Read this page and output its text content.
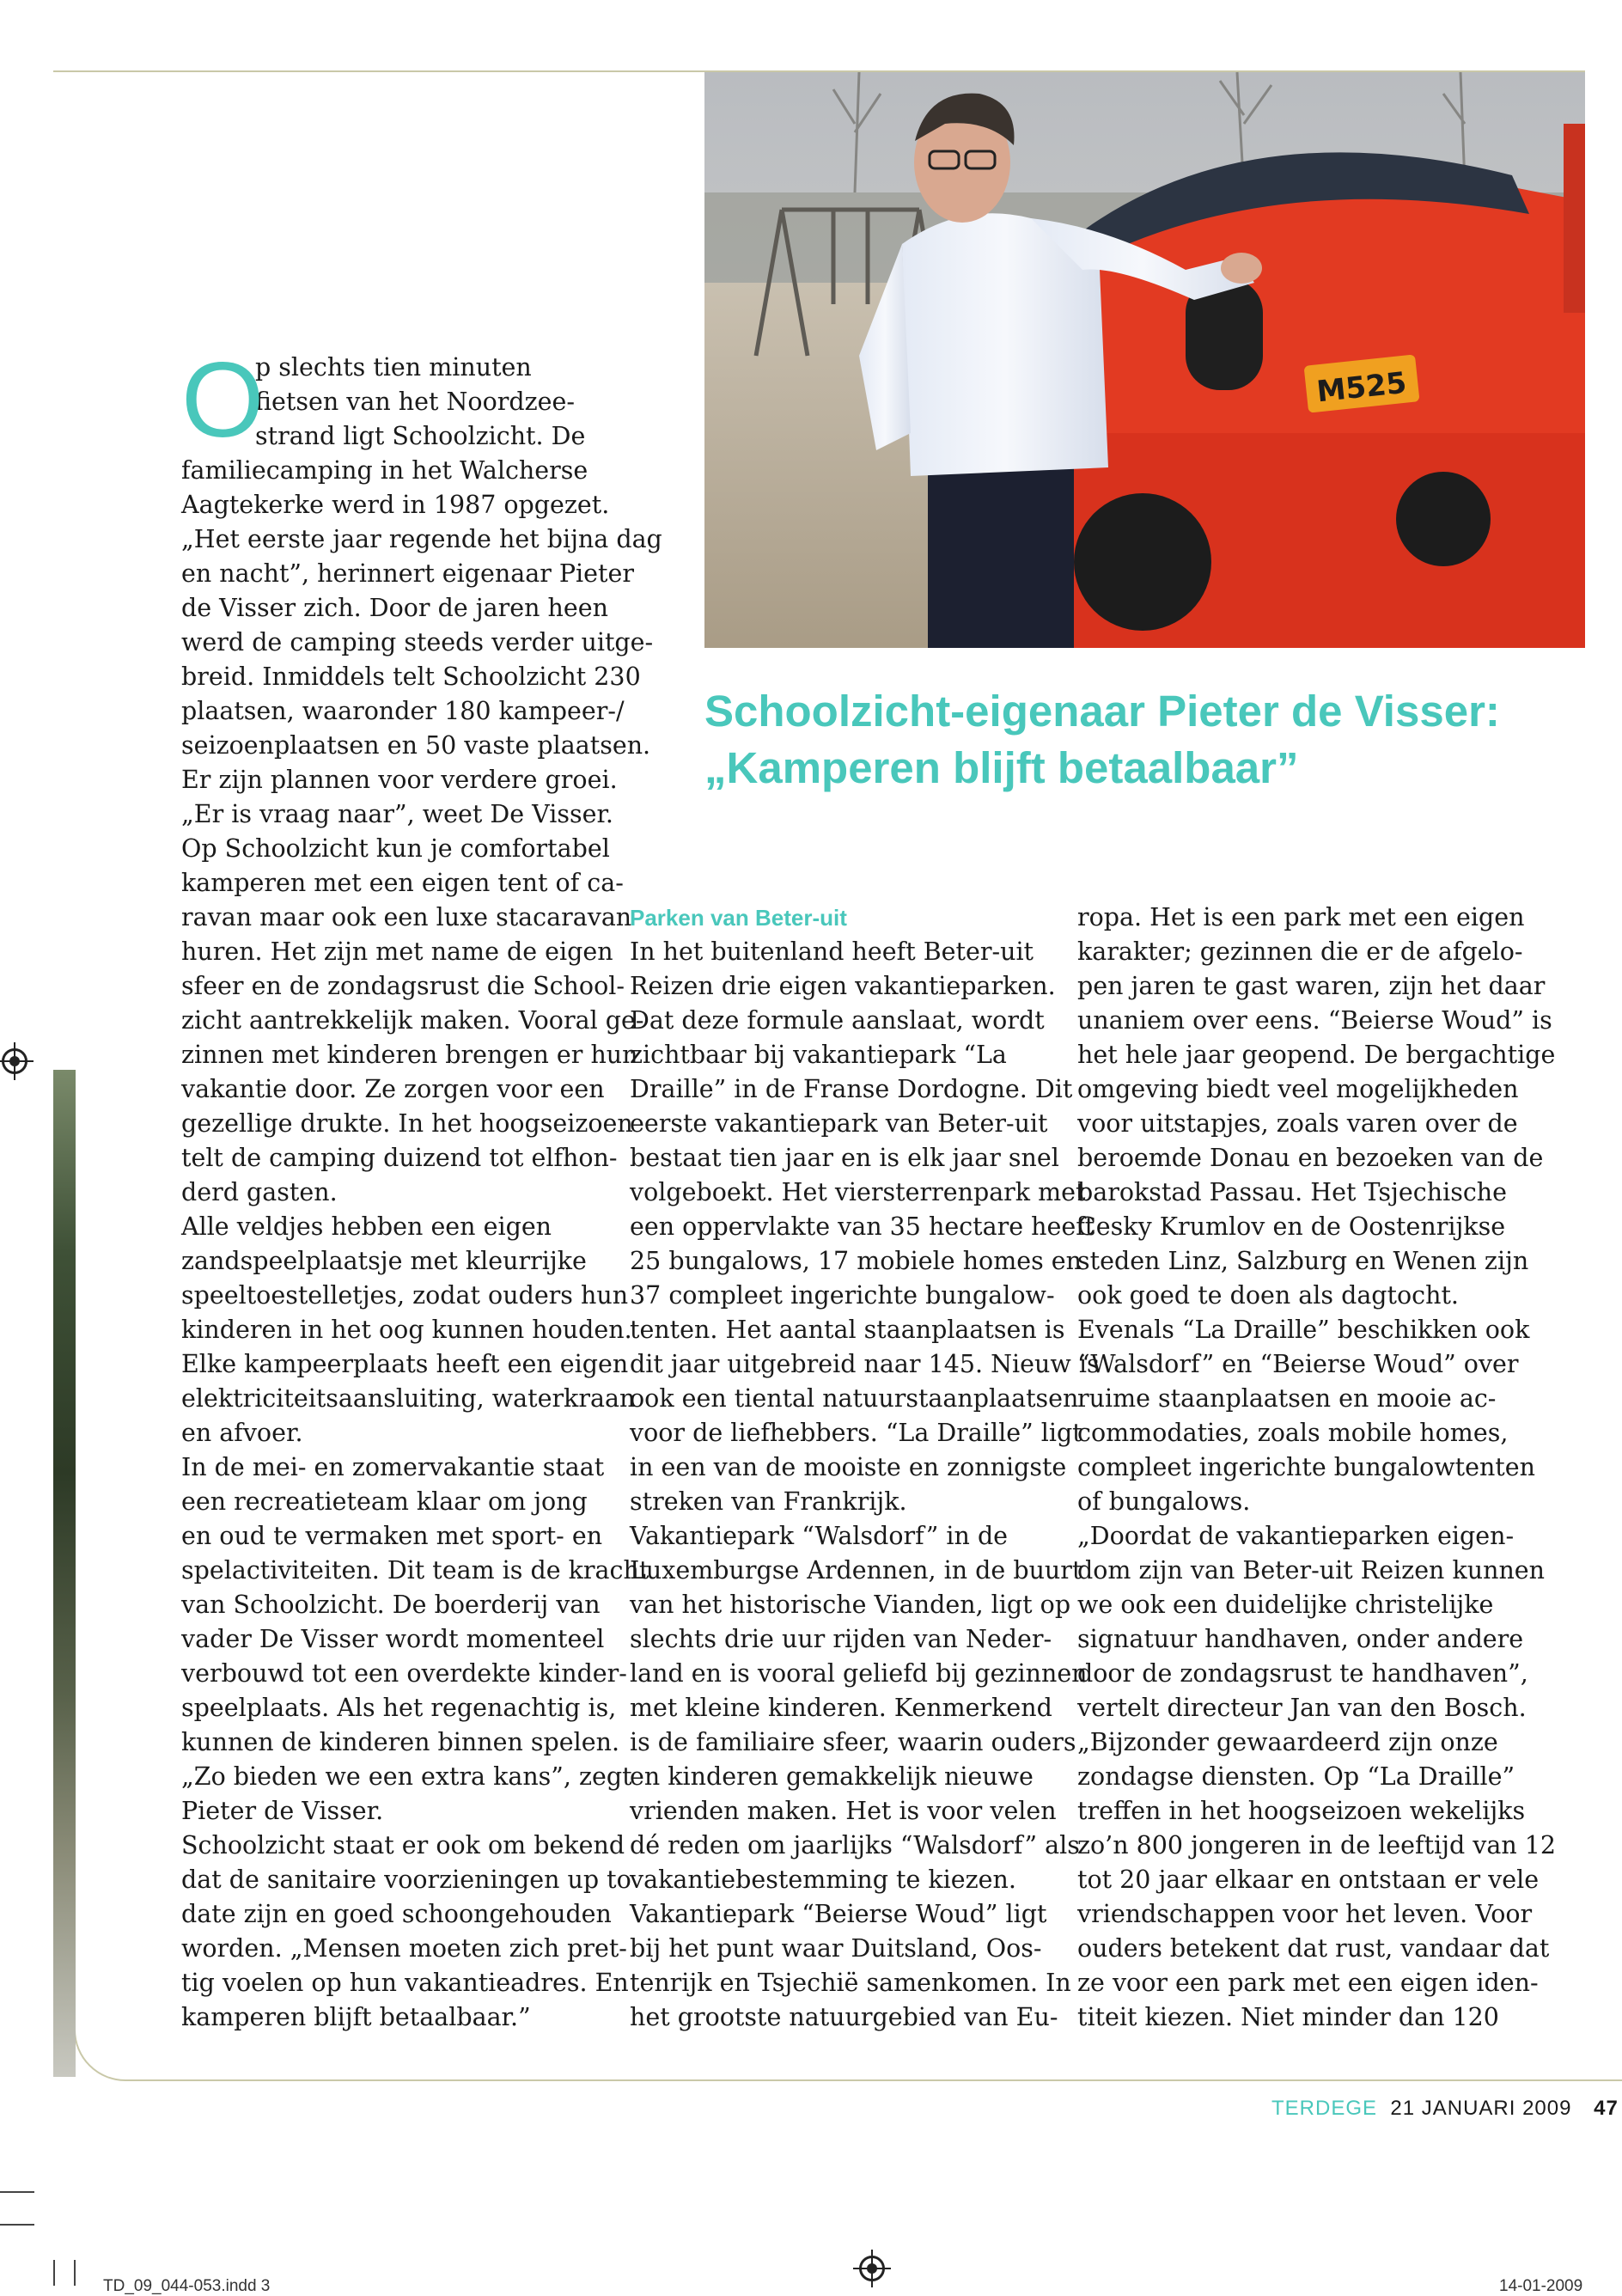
M525
Schoolzicht-eigenaar Pieter de Visser:
„Kamperen blijft betaalbaar”
O
p slechts tien minuten
fietsen van het Noordzee-
strand ligt Schoolzicht. De
familiecamping in het Walcherse
Aagtekerke werd in 1987 opgezet.
„Het eerste jaar regende het bijna dag
en nacht”, herinnert eigenaar Pieter
de Visser zich. Door de jaren heen
werd de camping steeds verder uitge-
breid. Inmiddels telt Schoolzicht 230
plaatsen, waaronder 180 kampeer-/
seizoenplaatsen en 50 vaste plaatsen.
Er zijn plannen voor verdere groei.
„Er is vraag naar”, weet De Visser.
Op Schoolzicht kun je comfortabel
kamperen met een eigen tent of ca-
ravan maar ook een luxe stacaravan
huren. Het zijn met name de eigen
sfeer en de zondagsrust die School-
zicht aantrekkelijk maken. Vooral ge-
zinnen met kinderen brengen er hun
vakantie door. Ze zorgen voor een
gezellige drukte. In het hoogseizoen
telt de camping duizend tot elfhon-
derd gasten.
Alle veldjes hebben een eigen
zandspeelplaatsje met kleurrijke
speeltoestelletjes, zodat ouders hun
kinderen in het oog kunnen houden.
Elke kampeerplaats heeft een eigen
elektriciteitsaansluiting, waterkraan
en afvoer.
In de mei- en zomervakantie staat
een recreatieteam klaar om jong
en oud te vermaken met sport- en
spelactiviteiten. Dit team is de kracht
van Schoolzicht. De boerderij van
vader De Visser wordt momenteel
verbouwd tot een overdekte kinder-
speelplaats. Als het regenachtig is,
kunnen de kinderen binnen spelen.
„Zo bieden we een extra kans”, zegt
Pieter de Visser.
Schoolzicht staat er ook om bekend
dat de sanitaire voorzieningen up to
date zijn en goed schoongehouden
worden. „Mensen moeten zich pret-
tig voelen op hun vakantieadres. En
kamperen blijft betaalbaar.”
Parken van Beter-uit
In het buitenland heeft Beter-uit
Reizen drie eigen vakantieparken.
Dat deze formule aanslaat, wordt
zichtbaar bij vakantiepark “La
Draille” in de Franse Dordogne. Dit
eerste vakantiepark van Beter-uit
bestaat tien jaar en is elk jaar snel
volgeboekt. Het viersterrenpark met
een oppervlakte van 35 hectare heeft
25 bungalows, 17 mobiele homes en
37 compleet ingerichte bungalow-
tenten. Het aantal staanplaatsen is
dit jaar uitgebreid naar 145. Nieuw is
ook een tiental natuurstaanplaatsen
voor de liefhebbers. “La Draille” ligt
in een van de mooiste en zonnigste
streken van Frankrijk.
Vakantiepark “Walsdorf” in de
Luxemburgse Ardennen, in de buurt
van het historische Vianden, ligt op
slechts drie uur rijden van Neder-
land en is vooral geliefd bij gezinnen
met kleine kinderen. Kenmerkend
is de familiaire sfeer, waarin ouders
en kinderen gemakkelijk nieuwe
vrienden maken. Het is voor velen
dé reden om jaarlijks “Walsdorf” als
vakantiebestemming te kiezen.
Vakantiepark “Beierse Woud” ligt
bij het punt waar Duitsland, Oos-
tenrijk en Tsjechië samenkomen. In
het grootste natuurgebied van Eu-
ropa. Het is een park met een eigen
karakter; gezinnen die er de afgelo-
pen jaren te gast waren, zijn het daar
unaniem over eens. “Beierse Woud” is
het hele jaar geopend. De bergachtige
omgeving biedt veel mogelijkheden
voor uitstapjes, zoals varen over de
beroemde Donau en bezoeken van de
barokstad Passau. Het Tsjechische
Cesky Krumlov en de Oostenrijkse
steden Linz, Salzburg en Wenen zijn
ook goed te doen als dagtocht.
Evenals “La Draille” beschikken ook
“Walsdorf” en “Beierse Woud” over
ruime staanplaatsen en mooie ac-
commodaties, zoals mobile homes,
compleet ingerichte bungalowtenten
of bungalows.
„Doordat de vakantieparken eigen-
dom zijn van Beter-uit Reizen kunnen
we ook een duidelijke christelijke
signatuur handhaven, onder andere
door de zondagsrust te handhaven”,
vertelt directeur Jan van den Bosch.
„Bijzonder gewaardeerd zijn onze
zondagse diensten. Op “La Draille”
treffen in het hoogseizoen wekelijks
zo’n 800 jongeren in de leeftijd van 12
tot 20 jaar elkaar en ontstaan er vele
vriendschappen voor het leven. Voor
ouders betekent dat rust, vandaar dat
ze voor een park met een eigen iden-
titeit kiezen. Niet minder dan 120
TERDEGE 21 JANUARI 2009 47
TD_09_044-053.indd 3	14-01-2009
